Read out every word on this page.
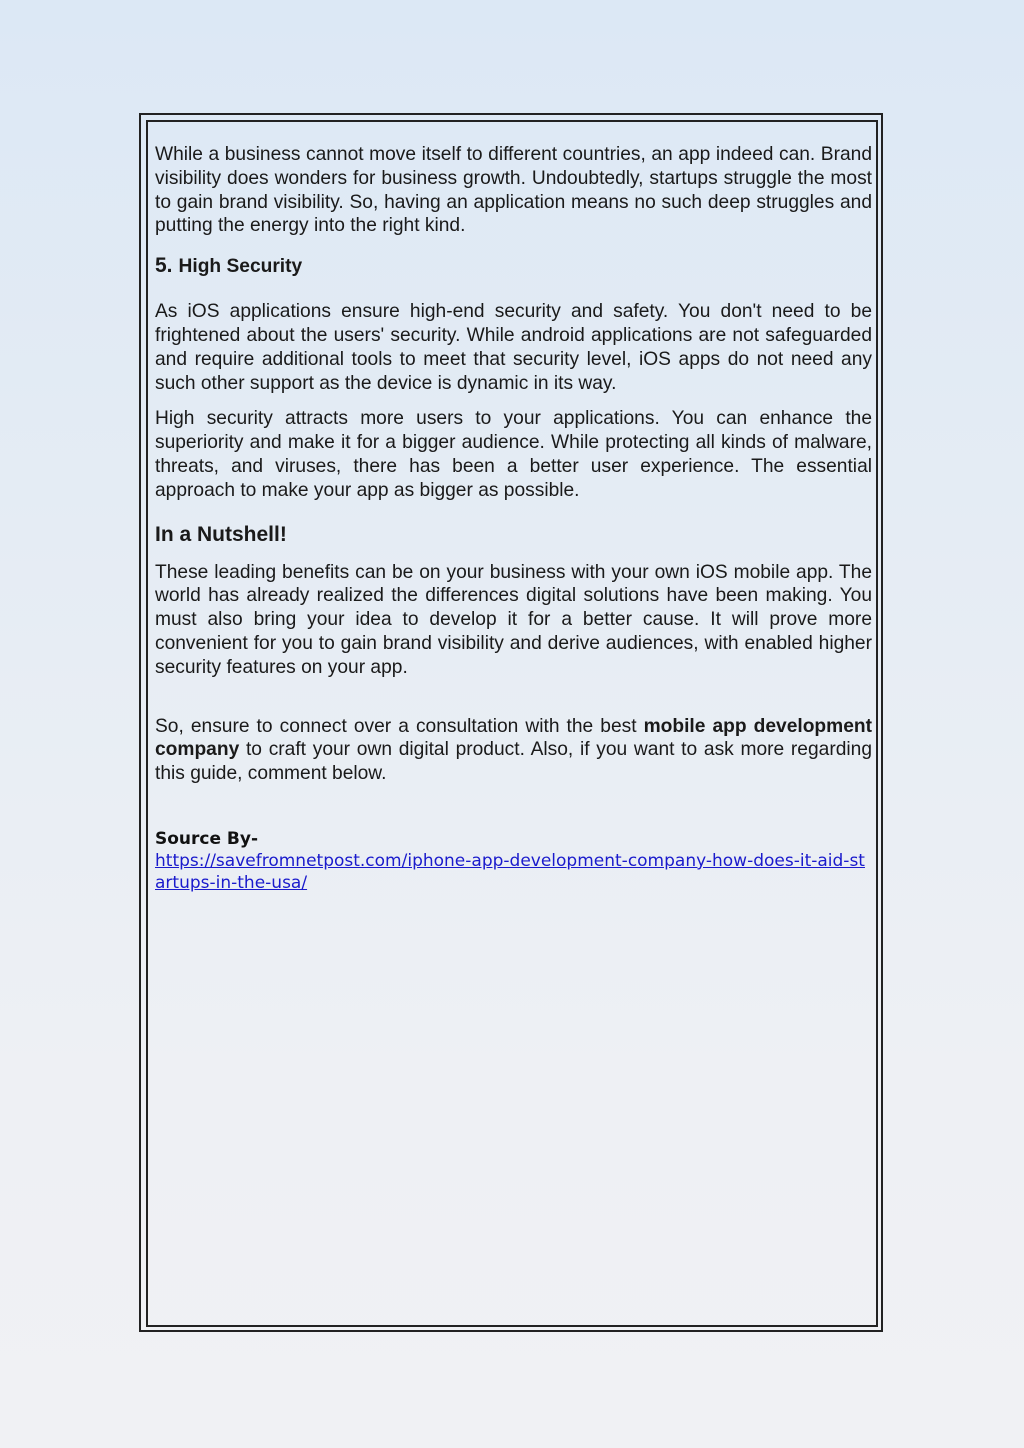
While a business cannot move itself to different countries, an app indeed can. Brand visibility does wonders for business growth. Undoubtedly, startups struggle the most to gain brand visibility. So, having an application means no such deep struggles and putting the energy into the right kind.

5. High Security

As iOS applications ensure high-end security and safety. You don't need to be frightened about the users' security. While android applications are not safeguarded and require additional tools to meet that security level, iOS apps do not need any such other support as the device is dynamic in its way.

High security attracts more users to your applications. You can enhance the superiority and make it for a bigger audience. While protecting all kinds of malware, threats, and viruses, there has been a better user experience. The essential approach to make your app as bigger as possible.

In a Nutshell!

These leading benefits can be on your business with your own iOS mobile app. The world has already realized the differences digital solutions have been making. You must also bring your idea to develop it for a better cause. It will prove more convenient for you to gain brand visibility and derive audiences, with enabled higher security features on your app.

So, ensure to connect over a consultation with the best mobile app development company to craft your own digital product. Also, if you want to ask more regarding this guide, comment below.

Source By-
https://savefromnetpost.com/iphone-app-development-company-how-does-it-aid-startups-in-the-usa/
